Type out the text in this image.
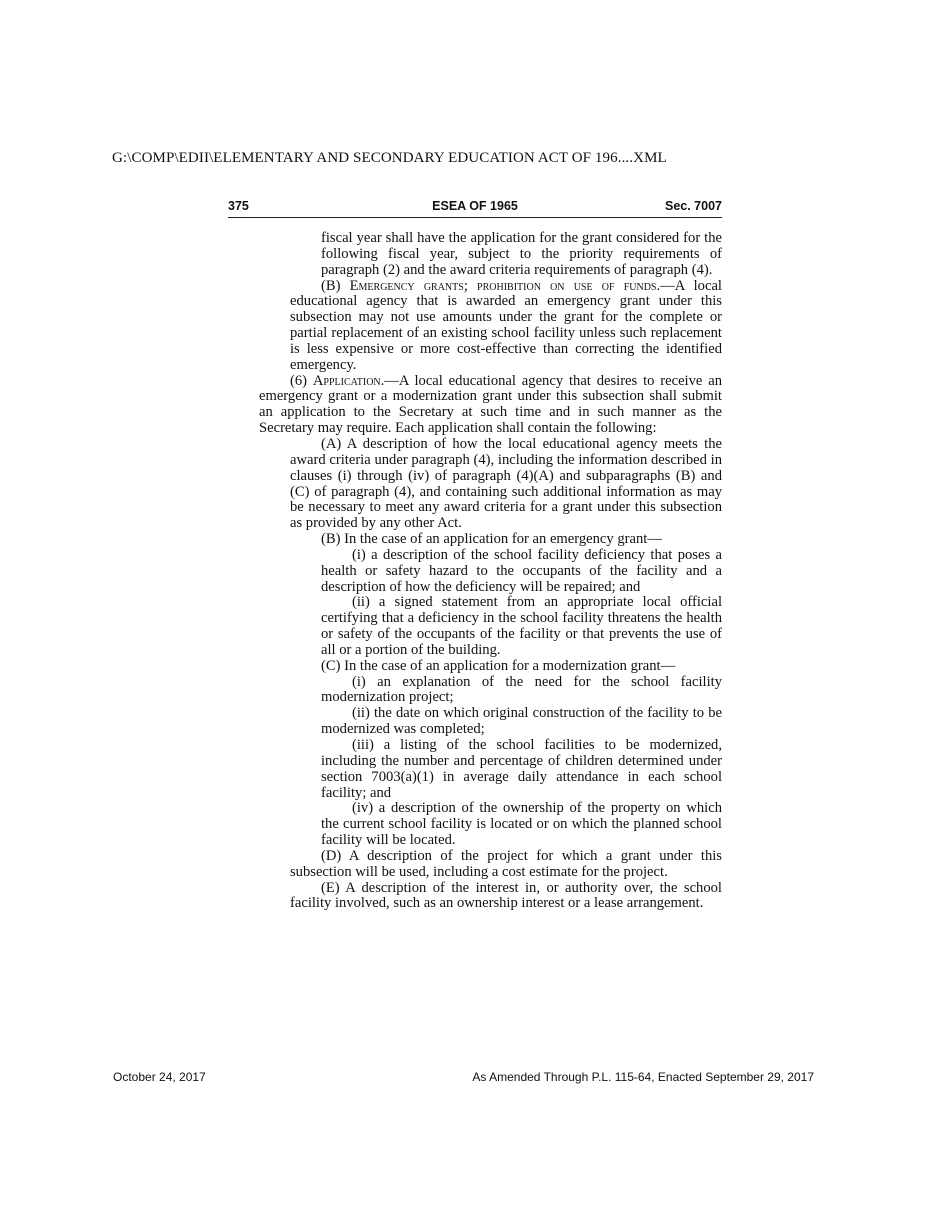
G:\COMP\EDII\ELEMENTARY AND SECONDARY EDUCATION ACT OF 196....XML
375	ESEA OF 1965	Sec. 7007

fiscal year shall have the application for the grant considered for the following fiscal year, subject to the priority requirements of paragraph (2) and the award criteria requirements of paragraph (4).

(B) Emergency grants; prohibition on use of funds.—A local educational agency that is awarded an emergency grant under this subsection may not use amounts under the grant for the complete or partial replacement of an existing school facility unless such replacement is less expensive or more cost-effective than correcting the identified emergency.

(6) Application.—A local educational agency that desires to receive an emergency grant or a modernization grant under this subsection shall submit an application to the Secretary at such time and in such manner as the Secretary may require. Each application shall contain the following:

(A) A description of how the local educational agency meets the award criteria under paragraph (4), including the information described in clauses (i) through (iv) of paragraph (4)(A) and subparagraphs (B) and (C) of paragraph (4), and containing such additional information as may be necessary to meet any award criteria for a grant under this subsection as provided by any other Act.

(B) In the case of an application for an emergency grant—

(i) a description of the school facility deficiency that poses a health or safety hazard to the occupants of the facility and a description of how the deficiency will be repaired; and

(ii) a signed statement from an appropriate local official certifying that a deficiency in the school facility threatens the health or safety of the occupants of the facility or that prevents the use of all or a portion of the building.

(C) In the case of an application for a modernization grant—

(i) an explanation of the need for the school facility modernization project;

(ii) the date on which original construction of the facility to be modernized was completed;

(iii) a listing of the school facilities to be modernized, including the number and percentage of children determined under section 7003(a)(1) in average daily attendance in each school facility; and

(iv) a description of the ownership of the property on which the current school facility is located or on which the planned school facility will be located.

(D) A description of the project for which a grant under this subsection will be used, including a cost estimate for the project.

(E) A description of the interest in, or authority over, the school facility involved, such as an ownership interest or a lease arrangement.

October 24, 2017	As Amended Through P.L. 115-64, Enacted September 29, 2017
